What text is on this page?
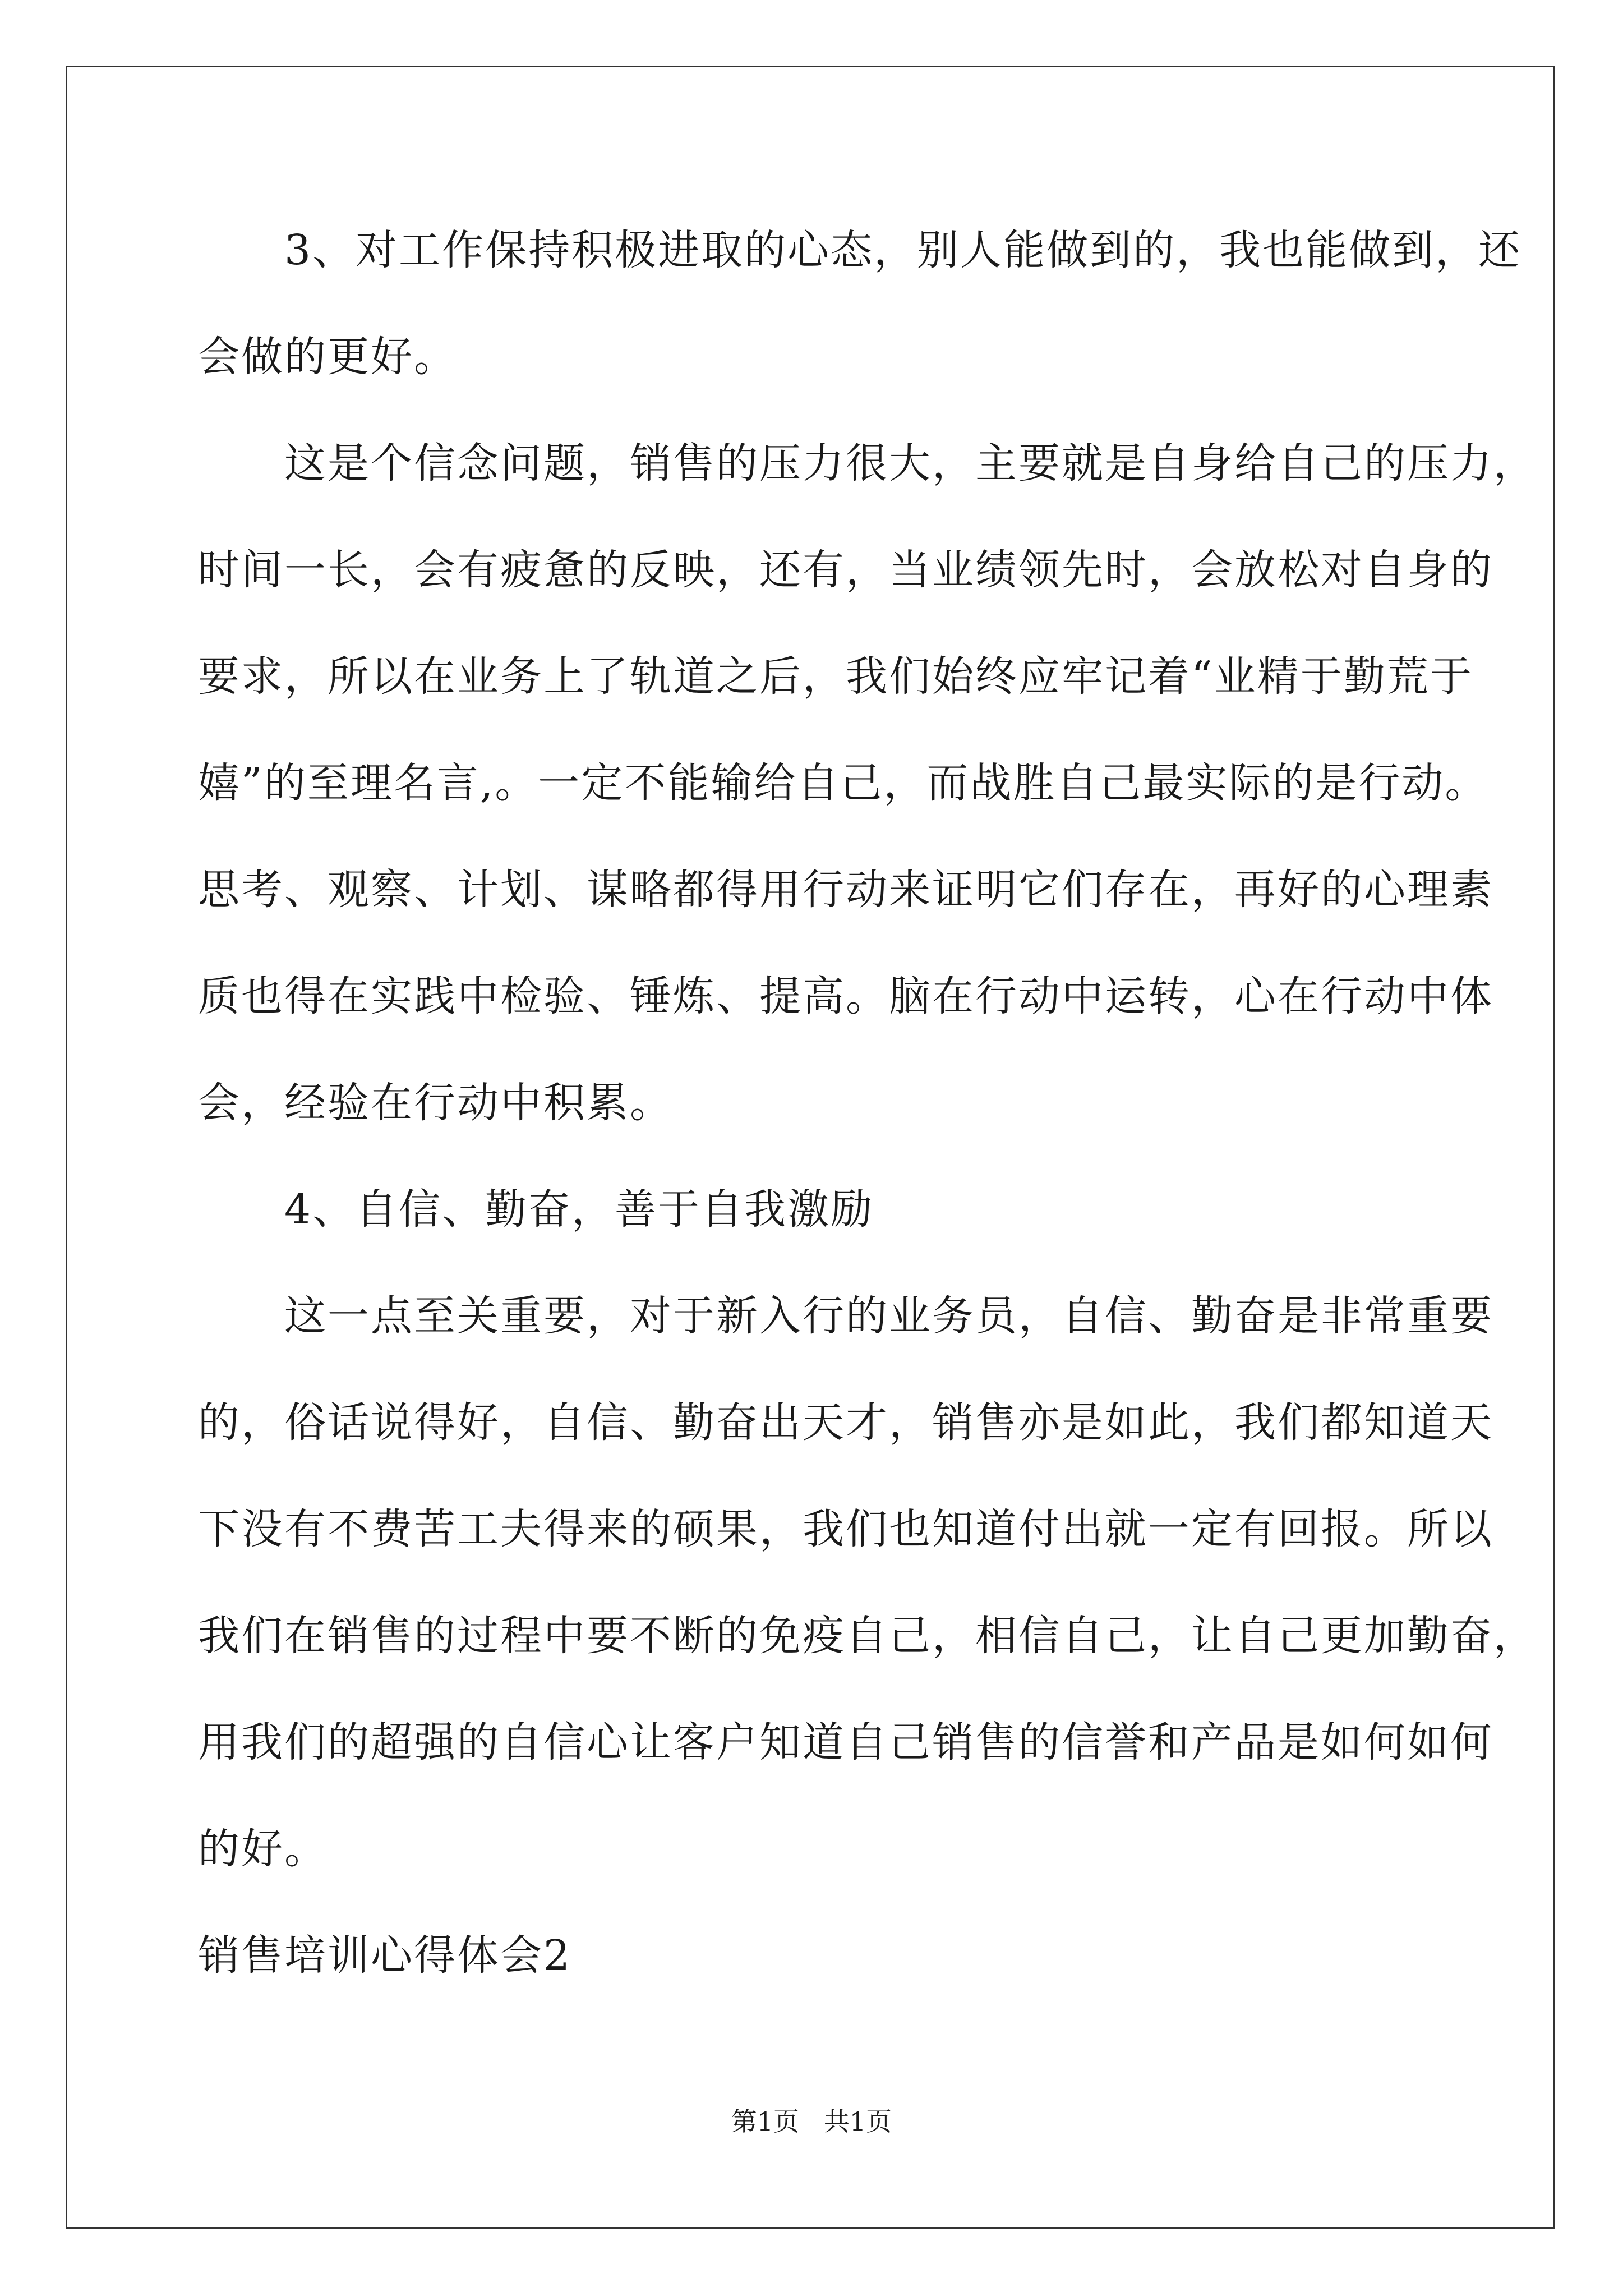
　　3、对工作保持积极进取的心态，别人能做到的，我也能做到，还
会做的更好。
　　这是个信念问题，销售的压力很大，主要就是自身给自己的压力，
时间一长，会有疲惫的反映，还有，当业绩领先时，会放松对自身的
要求，所以在业务上了轨道之后，我们始终应牢记着“业精于勤荒于
嬉”的至理名言,。一定不能输给自己，而战胜自己最实际的是行动。
思考、观察、计划、谋略都得用行动来证明它们存在，再好的心理素
质也得在实践中检验、锤炼、提高。脑在行动中运转，心在行动中体
会，经验在行动中积累。
　　4、自信、勤奋，善于自我激励
　　这一点至关重要，对于新入行的业务员，自信、勤奋是非常重要
的，俗话说得好，自信、勤奋出天才，销售亦是如此，我们都知道天
下没有不费苦工夫得来的硕果，我们也知道付出就一定有回报。所以
我们在销售的过程中要不断的免疫自己，相信自己，让自己更加勤奋，
用我们的超强的自信心让客户知道自己销售的信誉和产品是如何如何
的好。
销售培训心得体会2
第1页   共1页
